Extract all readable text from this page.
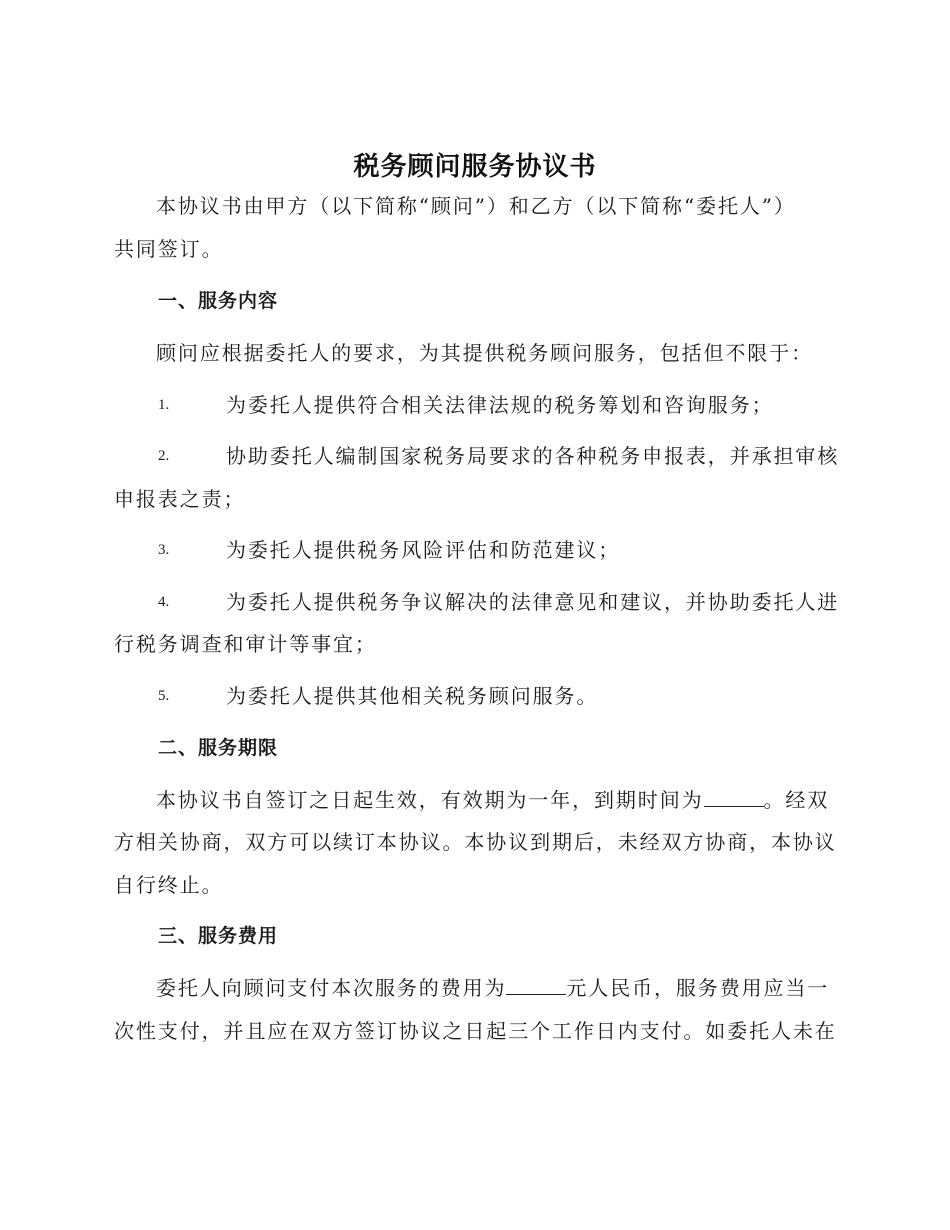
税务顾问服务协议书
本协议书由甲方（以下简称“顾问”）和乙方（以下简称“委托人”）
共同签订。
一、服务内容
顾问应根据委托人的要求，为其提供税务顾问服务，包括但不限于：
1.	为委托人提供符合相关法律法规的税务筹划和咨询服务；
2.	协助委托人编制国家税务局要求的各种税务申报表，并承担审核
申报表之责；
3.	为委托人提供税务风险评估和防范建议；
4.	为委托人提供税务争议解决的法律意见和建议，并协助委托人进
行税务调查和审计等事宜；
5.	为委托人提供其他相关税务顾问服务。
二、服务期限
本协议书自签订之日起生效，有效期为一年，到期时间为	。经双
方相关协商，双方可以续订本协议。本协议到期后，未经双方协商，本协议
自行终止。
三、服务费用
委托人向顾问支付本次服务的费用为	元人民币，服务费用应当一
次性支付，并且应在双方签订协议之日起三个工作日内支付。如委托人未在
